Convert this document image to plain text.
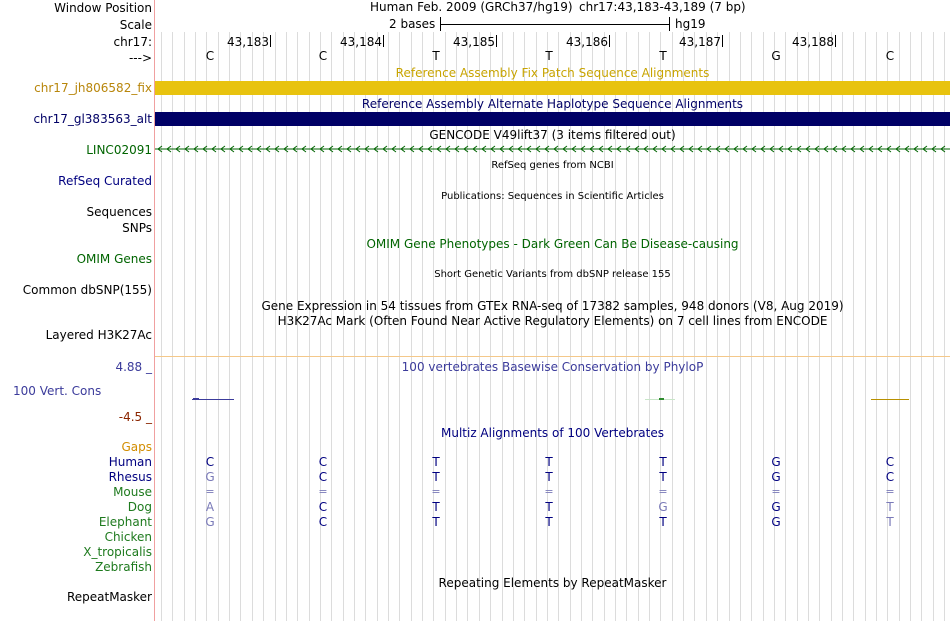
Window Position
Scale
chr17:
--->
Human Feb. 2009 (GRCh37/hg19) chr17:43,183-43,189 (7 bp)
2 bases	hg19
Reference Assembly Fix Patch Sequence Alignments
chr17_jh806582_fix
Reference Assembly Alternate Haplotype Sequence Alignments
chr17_gl383563_alt
GENCODE V49lift37 (3 items filtered out)
LINC02091
RefSeq genes from NCBI
RefSeq Curated
Publications: Sequences in Scientific Articles
Sequences
SNPs
OMIM Gene Phenotypes - Dark Green Can Be Disease-causing
OMIM Genes
Short Genetic Variants from dbSNP release 155
Common dbSNP(155)
Gene Expression in 54 tissues from GTEx RNA-seq of 17382 samples, 948 donors (V8, Aug 2019)
H3K27Ac Mark (Often Found Near Active Regulatory Elements) on 7 cell lines from ENCODE
Layered H3K27Ac
100 vertebrates Basewise Conservation by PhyloP
4.88 _
100 Vert. Cons
-4.5 _
Multiz Alignments of 100 Vertebrates
Gaps
Repeating Elements by RepeatMasker
RepeatMasker
43,183	43,184	43,185	43,186	43,187	43,188
C	C	T	T	T	G	C
Human	C	C	T	T	T	G	C
Rhesus	G	C	T	T	T	G	C
Mouse	=	=	=	=	=	=	=
Dog	A	C	T	T	G	G	T
Elephant	G	C	T	T	T	G	T
Chicken
X_tropicalis
Zebrafish
